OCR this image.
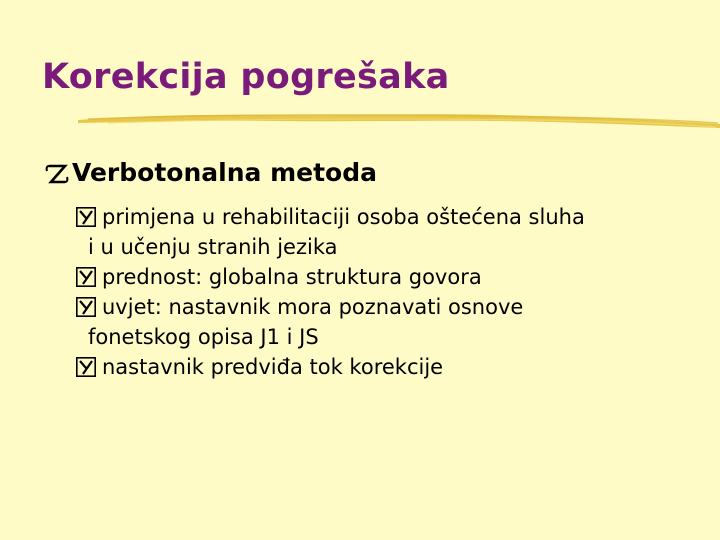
Korekcija pogrešaka
Verbotonalna metoda
primjena u rehabilitaciji osoba oštećena sluha
i u učenju stranih jezika
prednost: globalna struktura govora
uvjet: nastavnik mora poznavati osnove
fonetskog opisa J1 i JS
nastavnik predviđa tok korekcije
